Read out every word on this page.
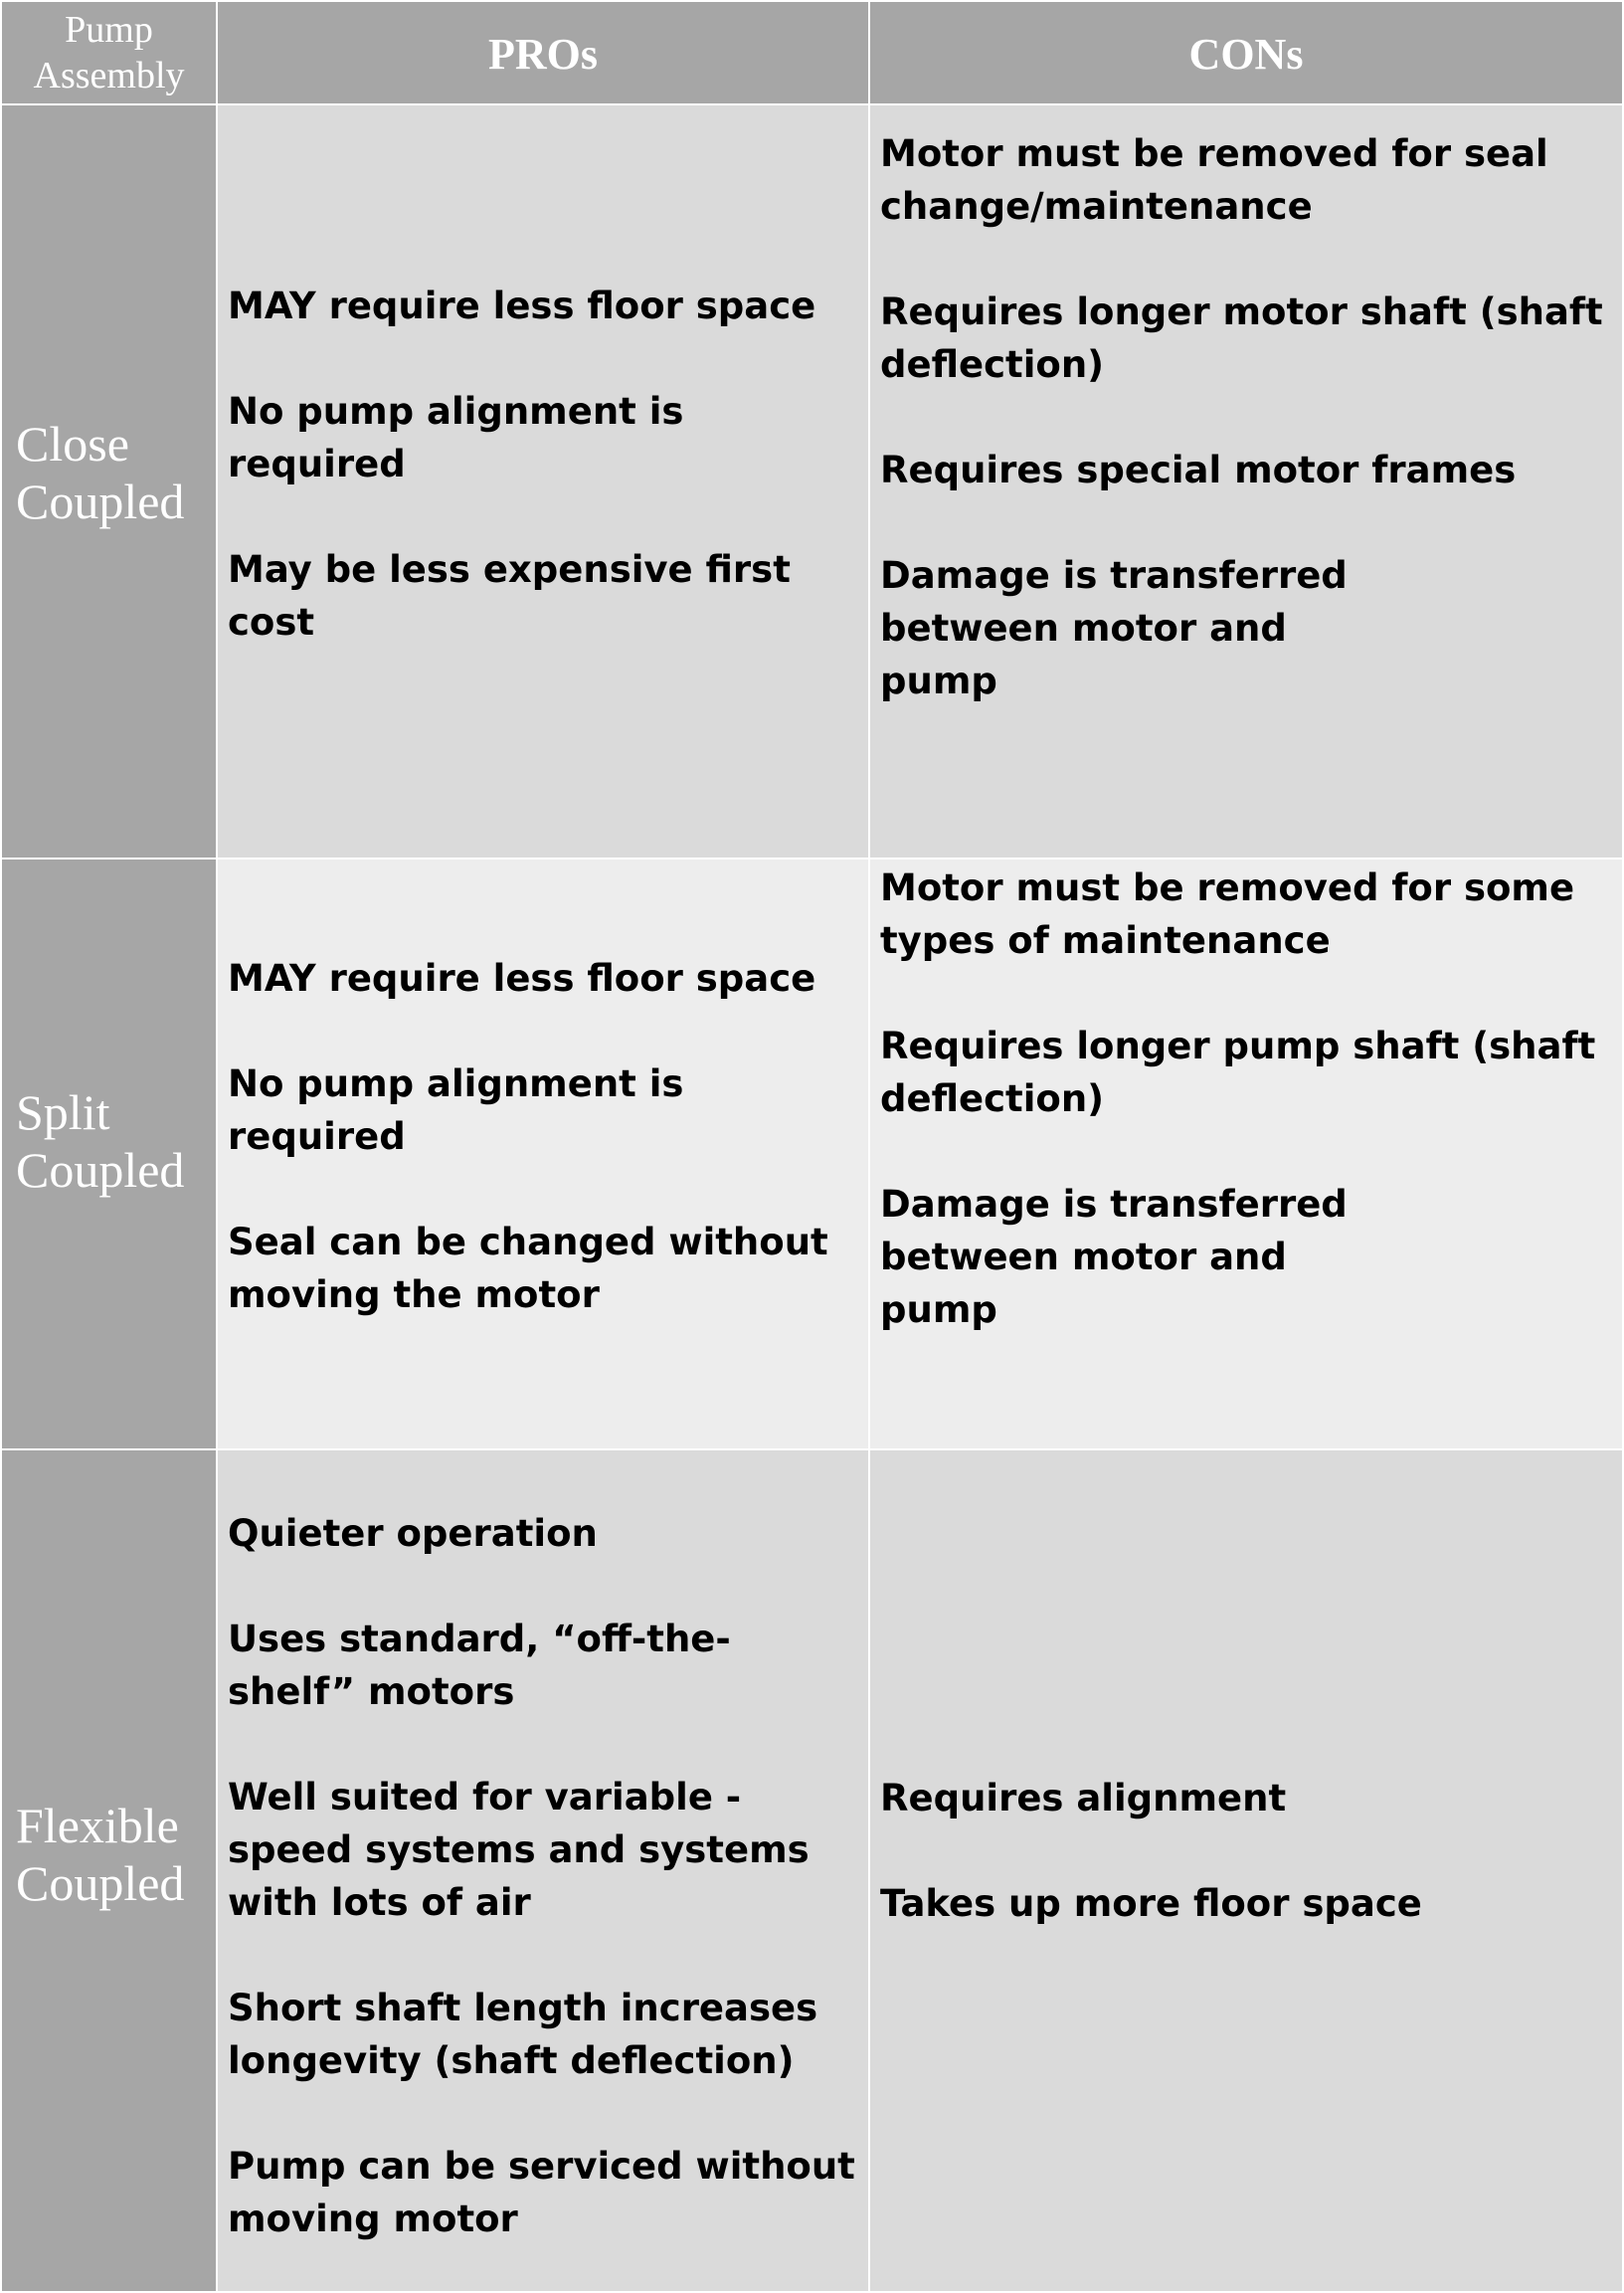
Pump Assembly	PROs	CONs
Close Coupled
MAY require less floor space
No pump alignment is required
May be less expensive first cost
Motor must be removed for seal change/maintenance
Requires longer motor shaft (shaft deflection)
Requires special motor frames
Damage is transferred between motor and pump
Split Coupled
MAY require less floor space
No pump alignment is required
Seal can be changed without moving the motor
Motor must be removed for some types of maintenance
Requires longer pump shaft (shaft deflection)
Damage is transferred between motor and pump
Flexible Coupled
Quieter operation
Uses standard, “off-the-shelf” motors
Well suited for variable -speed systems and systems with lots of air
Short shaft length increases longevity (shaft deflection)
Pump can be serviced without moving motor
Requires alignment
Takes up more floor space
